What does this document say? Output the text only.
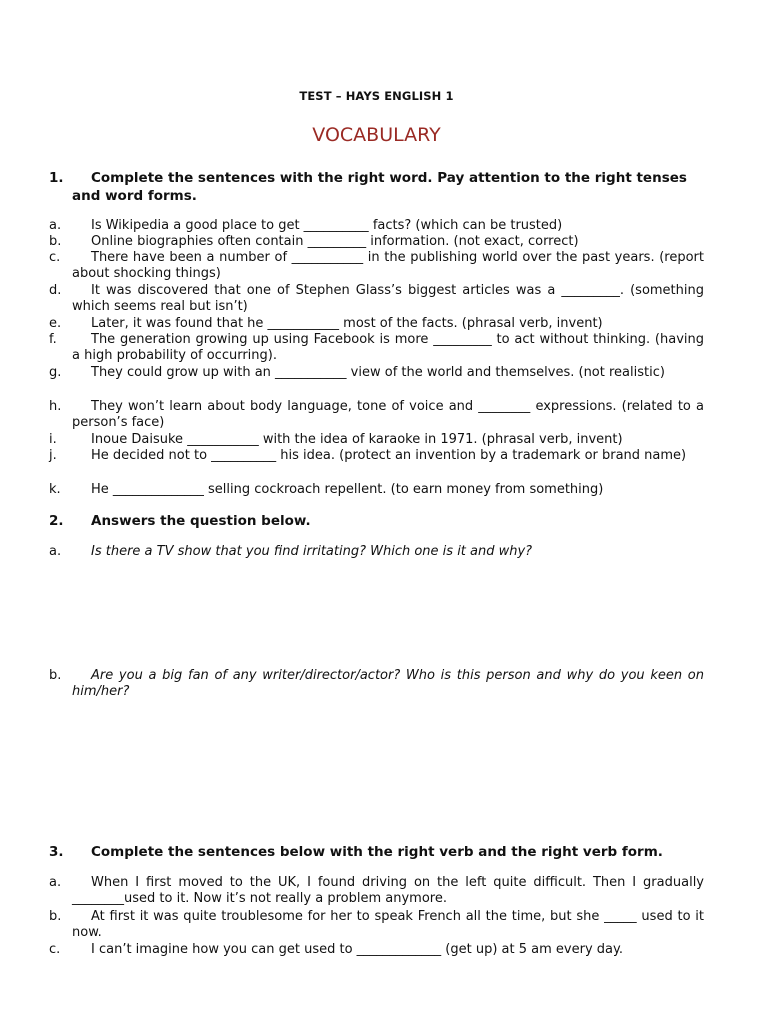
TEST – HAYS ENGLISH 1
VOCABULARY
1.	Complete the sentences with the right word. Pay attention to the right tenses and word forms.
a.	Is Wikipedia a good place to get __________ facts? (which can be trusted)
b.	Online biographies often contain _________ information. (not exact, correct)
c.	There have been a number of ___________ in the publishing world over the past years. (report about shocking things)
d.	It was discovered that one of Stephen Glass’s biggest articles was a _________. (something which seems real but isn’t)
e.	Later, it was found that he ___________ most of the facts. (phrasal verb, invent)
f.	The generation growing up using Facebook is more _________ to act without thinking. (having a high probability of occurring).
g.	They could grow up with an ___________ view of the world and themselves. (not realistic)
h.	They won’t learn about body language, tone of voice and ________ expressions. (related to a person’s face)
i.	Inoue Daisuke ___________ with the idea of karaoke in 1971. (phrasal verb, invent)
j.	He decided not to __________ his idea. (protect an invention by a trademark or brand name)
k.	He ______________ selling cockroach repellent. (to earn money from something)
2.	Answers the question below.
a.	Is there a TV show that you find irritating? Which one is it and why?
b.	Are you a big fan of any writer/director/actor? Who is this person and why do you keen on him/her?
3.	Complete the sentences below with the right verb and the right verb form.
a.	When I first moved to the UK, I found driving on the left quite difficult. Then I gradually ________used to it. Now it’s not really a problem anymore.
b.	At first it was quite troublesome for her to speak French all the time, but she _____ used to it now.
c.	I can’t imagine how you can get used to _____________ (get up) at 5 am every day.
